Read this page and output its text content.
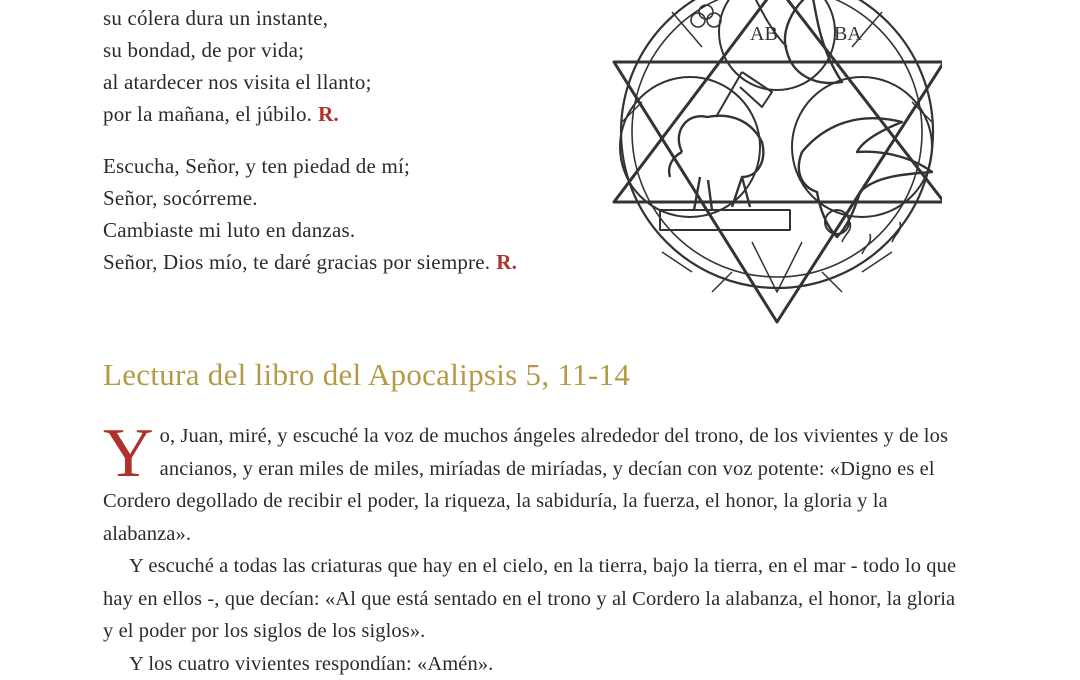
su cólera dura un instante,
su bondad, de por vida;
al atardecer nos visita el llanto;
por la mañana, el júbilo. R.
Escucha, Señor, y ten piedad de mí;
Señor, socórreme.
Cambiaste mi luto en danzas.
Señor, Dios mío, te daré gracias por siempre. R.
AB	BA
Lectura del libro del Apocalipsis 5, 11-14

Yo, Juan, miré, y escuché la voz de muchos ángeles alrededor del trono, de los vivientes y de los ancianos, y eran miles de miles, miríadas de miríadas, y decían con voz potente: «Digno es el Cordero degollado de recibir el poder, la riqueza, la sabiduría, la fuerza, el honor, la gloria y la alabanza».

Y escuché a todas las criaturas que hay en el cielo, en la tierra, bajo la tierra, en el mar - todo lo que hay en ellos -, que decían: «Al que está sentado en el trono y al Cordero la alabanza, el honor, la gloria y el poder por los siglos de los siglos».

Y los cuatro vivientes respondían: «Amén».
